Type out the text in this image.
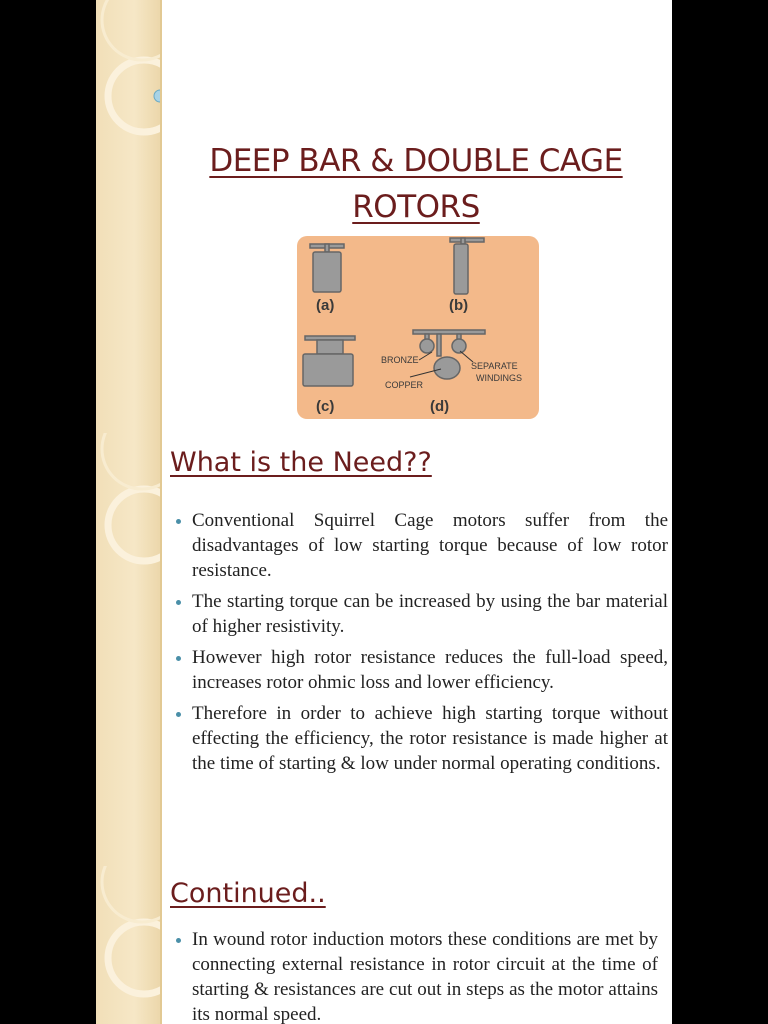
DEEP BAR & DOUBLE CAGE
ROTORS
(a)	(b)
(c)	(d)
BRONZE
COPPER
SEPARATE
WINDINGS
What is the Need??
Conventional Squirrel Cage motors suffer from the disadvantages of low starting torque because of low rotor resistance.
The starting torque can be increased by using the bar material of higher resistivity.
However high rotor resistance reduces the full-load speed, increases rotor ohmic loss and lower efficiency.
Therefore in order to achieve high starting torque without effecting the efficiency, the rotor resistance is made higher at the time of starting & low under normal operating conditions.
Continued..
In wound rotor induction motors these conditions are met by connecting external resistance in rotor circuit at the time of starting & resistances are cut out in steps as the motor attains its normal speed.
